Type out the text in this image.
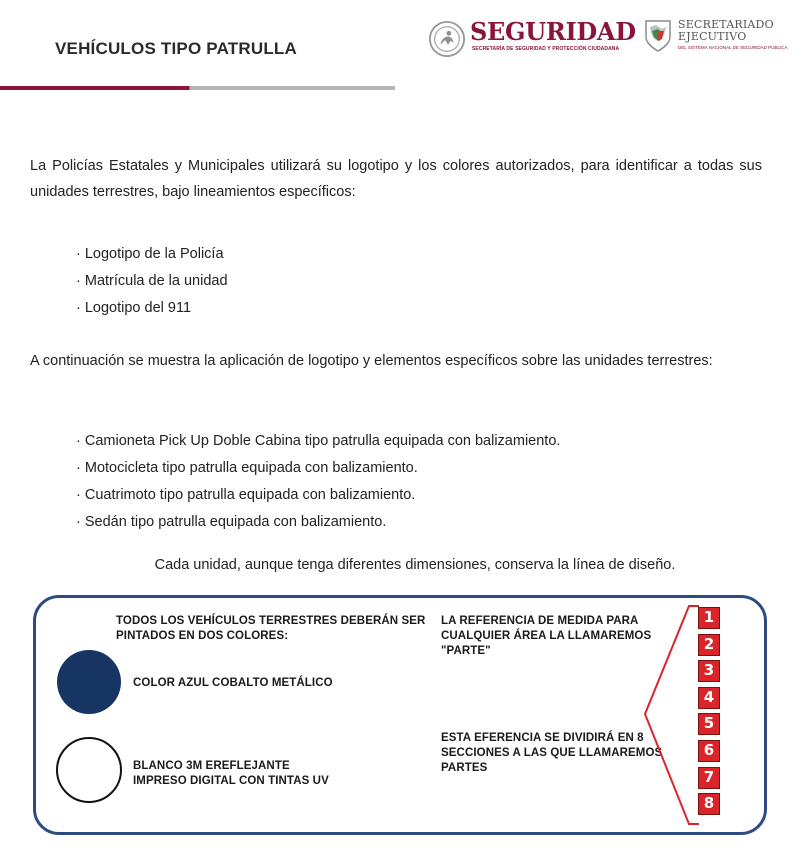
VEHÍCULOS TIPO PATRULLA
SEGURIDAD
SECRETARÍA DE SEGURIDAD Y PROTECCIÓN CIUDADANA
SECRETARIADO EJECUTIVO
DEL SISTEMA NACIONAL DE SEGURIDAD PÚBLICA

La Policías Estatales y Municipales utilizará su logotipo y los colores autorizados, para identificar a todas sus unidades terrestres, bajo lineamientos específicos:

· Logotipo de la Policía
· Matrícula de la unidad
· Logotipo del 911

A continuación se muestra la aplicación de logotipo y elementos específicos sobre las unidades terrestres:

· Camioneta Pick Up Doble Cabina tipo patrulla equipada con balizamiento.
· Motocicleta tipo patrulla equipada con balizamiento.
· Cuatrimoto tipo patrulla equipada con balizamiento.
· Sedán tipo patrulla equipada con balizamiento.

Cada unidad, aunque tenga diferentes dimensiones, conserva la línea de diseño.

TODOS LOS VEHÍCULOS TERRESTRES DEBERÁN SER PINTADOS EN DOS COLORES:
COLOR AZUL COBALTO METÁLICO
BLANCO 3M EREFLEJANTE
IMPRESO DIGITAL CON TINTAS UV
LA REFERENCIA DE MEDIDA PARA CUALQUIER ÁREA LA LLAMAREMOS "PARTE"
ESTA EFERENCIA SE DIVIDIRÁ EN 8 SECCIONES A LAS QUE LLAMAREMOS PARTES
1
2
3
4
5
6
7
8
